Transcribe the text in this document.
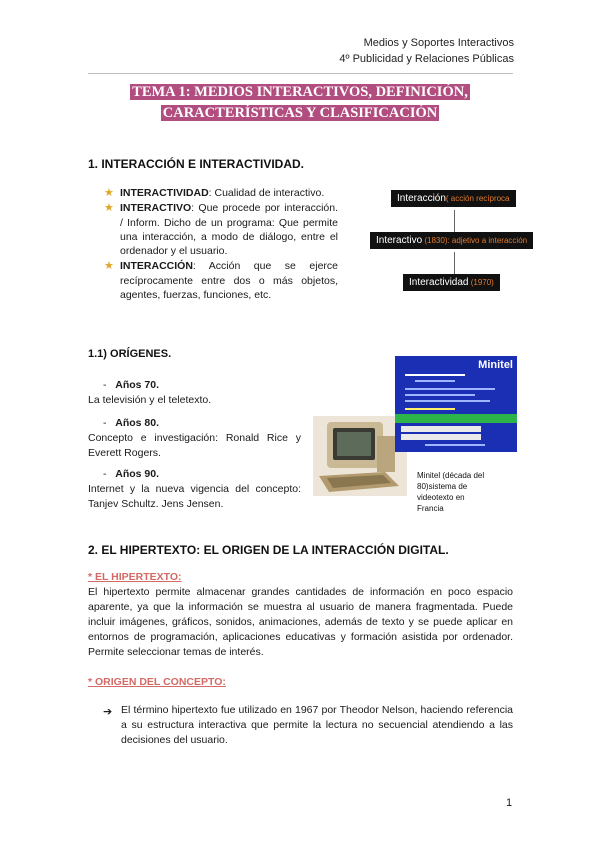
Medios y Soportes Interactivos
4º Publicidad y Relaciones Públicas
TEMA 1: MEDIOS INTERACTIVOS, DEFINICIÓN,
CARACTERÍSTICAS Y CLASIFICACIÓN
1. INTERACCIÓN E INTERACTIVIDAD.
★ INTERACTIVIDAD: Cualidad de interactivo.
★ INTERACTIVO: Que procede por interacción. / Inform. Dicho de un programa: Que permite una interacción, a modo de diálogo, entre el ordenador y el usuario.
★ INTERACCIÓN: Acción que se ejerce recíprocamente entre dos o más objetos, agentes, fuerzas, funciones, etc.
Interacción( acción recíproca
Interactivo (1830): adjetivo a interacción
Interactividad (1970)
1.1) ORÍGENES.
- Años 70.
La televisión y el teletexto.
- Años 80.
Concepto e investigación: Ronald Rice y Everett Rogers.
- Años 90.
Internet y la nueva vigencia del concepto: Tanjev Schultz. Jens Jensen.
Minitel
Minitel (década del 80)sistema de videotexto en Francia
2. EL HIPERTEXTO: EL ORIGEN DE LA INTERACCIÓN DIGITAL.
* EL HIPERTEXTO:
El hipertexto permite almacenar grandes cantidades de información en poco espacio aparente, ya que la información se muestra al usuario de manera fragmentada. Puede incluir imágenes, gráficos, sonidos, animaciones, además de texto y se puede aplicar en entornos de programación, aplicaciones educativas y formación asistida por ordenador. Permite seleccionar temas de interés.
* ORIGEN DEL CONCEPTO:
➔ El término hipertexto fue utilizado en 1967 por Theodor Nelson, haciendo referencia a su estructura interactiva que permite la lectura no secuencial atendiendo a las decisiones del usuario.
1
